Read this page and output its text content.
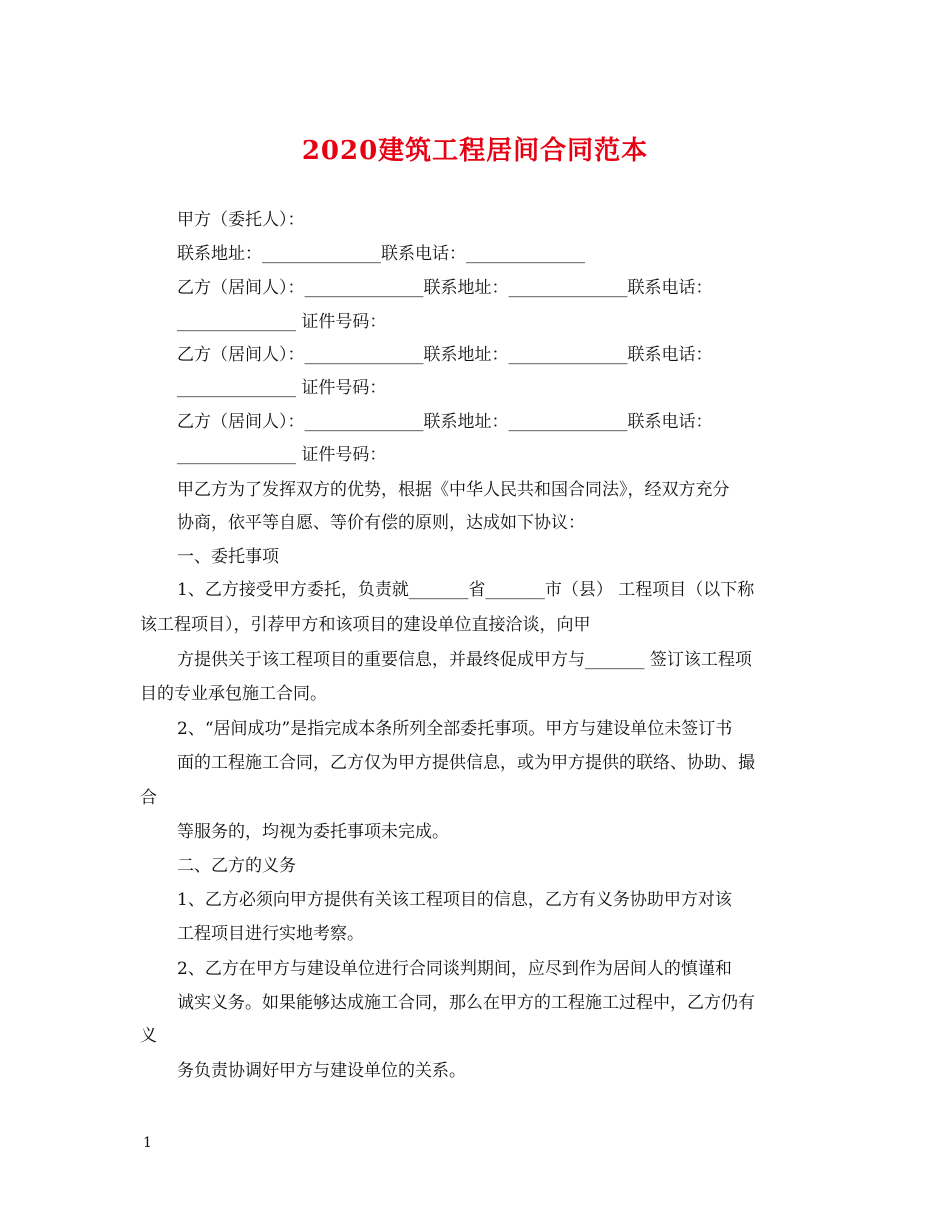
2020建筑工程居间合同范本
甲方（委托人）：
联系地址：______________联系电话：______________
乙方（居间人）：______________联系地址：______________联系电话：
______________ 证件号码：
乙方（居间人）：______________联系地址：______________联系电话：
______________ 证件号码：
乙方（居间人）：______________联系地址：______________联系电话：
______________ 证件号码：
甲乙方为了发挥双方的优势，根据《中华人民共和国合同法》，经双方充分
协商，依平等自愿、等价有偿的原则，达成如下协议：
一、委托事项
1、乙方接受甲方委托，负责就_______省_______市（县） 工程项目（以下称
该工程项目），引荐甲方和该项目的建设单位直接洽谈，向甲
方提供关于该工程项目的重要信息，并最终促成甲方与_______ 签订该工程项
目的专业承包施工合同。
2、“居间成功”是指完成本条所列全部委托事项。甲方与建设单位未签订书
面的工程施工合同，乙方仅为甲方提供信息，或为甲方提供的联络、协助、撮
合
等服务的，均视为委托事项未完成。
二、乙方的义务
1、乙方必须向甲方提供有关该工程项目的信息，乙方有义务协助甲方对该
工程项目进行实地考察。
2、乙方在甲方与建设单位进行合同谈判期间，应尽到作为居间人的慎谨和
诚实义务。如果能够达成施工合同，那么在甲方的工程施工过程中，乙方仍有
义
务负责协调好甲方与建设单位的关系。
1
